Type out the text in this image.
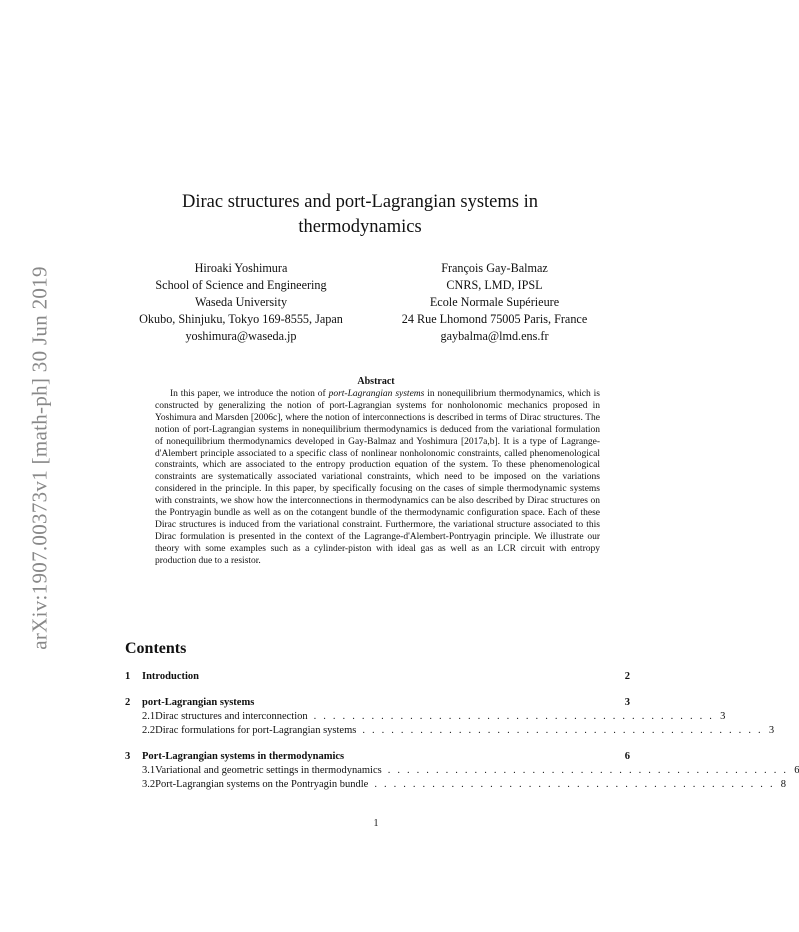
arXiv:1907.00373v1 [math-ph] 30 Jun 2019
Dirac structures and port-Lagrangian systems in
thermodynamics
Hiroaki Yoshimura
School of Science and Engineering
Waseda University
Okubo, Shinjuku, Tokyo 169-8555, Japan
yoshimura@waseda.jp
François Gay-Balmaz
CNRS, LMD, IPSL
Ecole Normale Supérieure
24 Rue Lhomond 75005 Paris, France
gaybalma@lmd.ens.fr
Abstract
In this paper, we introduce the notion of port-Lagrangian systems in nonequilibrium thermodynamics, which is constructed by generalizing the notion of port-Lagrangian systems for nonholonomic mechanics proposed in Yoshimura and Marsden [2006c], where the notion of interconnections is described in terms of Dirac structures. The notion of port-Lagrangian systems in nonequilibrium thermodynamics is deduced from the variational formulation of nonequilibrium thermodynamics developed in Gay-Balmaz and Yoshimura [2017a,b]. It is a type of Lagrange-d'Alembert principle associated to a specific class of nonlinear nonholonomic constraints, called phenomenological constraints, which are associated to the entropy production equation of the system. To these phenomenological constraints are systematically associated variational constraints, which need to be imposed on the variations considered in the principle. In this paper, by specifically focusing on the cases of simple thermodynamic systems with constraints, we show how the interconnections in thermodynamics can be also described by Dirac structures on the Pontryagin bundle as well as on the cotangent bundle of the thermodynamic configuration space. Each of these Dirac structures is induced from the variational constraint. Furthermore, the variational structure associated to this Dirac formulation is presented in the context of the Lagrange-d'Alembert-Pontryagin principle. We illustrate our theory with some examples such as a cylinder-piston with ideal gas as well as an LCR circuit with entropy production due to a resistor.
Contents
1	Introduction	2
2	port-Lagrangian systems	3
2.1 Dirac structures and interconnection . . . . . . . . . . . . . . . . . . . . . . . . . . . . . . . . . . . . . . . . . . 3
2.2 Dirac formulations for port-Lagrangian systems . . . . . . . . . . . . . . . . . . . . . . . . . . . . . . . . . . . . . . . . . . 3
3	Port-Lagrangian systems in thermodynamics	6
3.1 Variational and geometric settings in thermodynamics . . . . . . . . . . . . . . . . . . . . . . . . . . . . . . . . . . . . . . . . . . 6
3.2 Port-Lagrangian systems on the Pontryagin bundle . . . . . . . . . . . . . . . . . . . . . . . . . . . . . . . . . . . . . . . . . . 8
1
